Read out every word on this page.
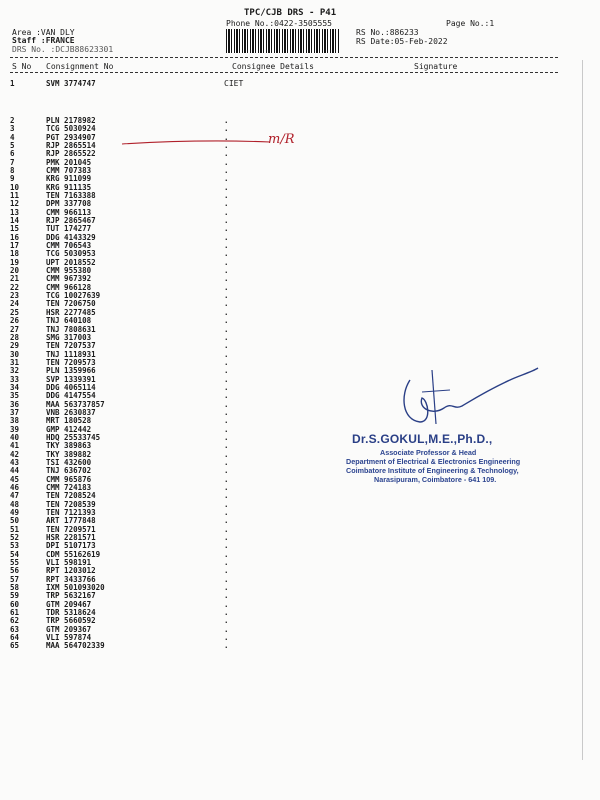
TPC/CJB DRS - P41
Phone No.:0422-3505555	Page No.:1
Area :VAN DLY
Staff :FRANCE
DRS No. :DCJB88623301
RS No.:886233
RS Date:05-Feb-2022
S No Consignment No	Consignee Details	Signature
1	SVM 3774747	CIET
2	PLN 2178982	.
3	TCG 5030924	.
4	PGT 2934907	.
5	RJP 2865514	.
6	RJP 2865522	.
7	PMK 201045	.
8	CMM 707383	.
9	KRG 911099	.
10	KRG 911135	.
11	TEN 7163388	.
12	DPM 337708	.
13	CMM 966113	.
14	RJP 2865467	.
15	TUT 174277	.
16	DDG 4143329	.
17	CMM 706543	.
18	TCG 5030953	.
19	UPT 2018552	.
20	CMM 955380	.
21	CMM 967392	.
22	CMM 966128	.
23	TCG 10027639	.
24	TEN 7206750	.
25	HSR 2277485	.
26	TNJ 640108	.
27	TNJ 7808631	.
28	SMG 317003	.
29	TEN 7207537	.
30	TNJ 1118931	.
31	TEN 7209573	.
32	PLN 1359966	.
33	SVP 1339391	.
34	DDG 4065114	.
35	DDG 4147554	.
36	MAA 563737857	.
37	VNB 2630837	.
38	MRT 180528	.
39	GMP 412442	.
40	HDQ 25533745	.
41	TKY 389863	.
42	TKY 389882	.
43	TSI 432600	.
44	TNJ 636702	.
45	CMM 965876	.
46	CMM 724183	.
47	TEN 7208524	.
48	TEN 7208539	.
49	TEN 7121393	.
50	ART 1777848	.
51	TEN 7209571	.
52	HSR 2281571	.
53	DPI 5107173	.
54	CDM 55162619	.
55	VLI 598191	.
56	RPT 1203012	.
57	RPT 3433766	.
58	IXM 501093020	.
59	TRP 5632167	.
60	GTM 209467	.
61	TDR 5318624	.
62	TRP 5660592	.
63	GTM 209367	.
64	VLI 597874	.
65	MAA 564702339	.
m/R
Dr.S.GOKUL,M.E.,Ph.D.,
Associate Professor & Head
Department of Electrical & Electronics Engineering
Coimbatore Institute of Engineering & Technology,
Narasipuram, Coimbatore - 641 109.
